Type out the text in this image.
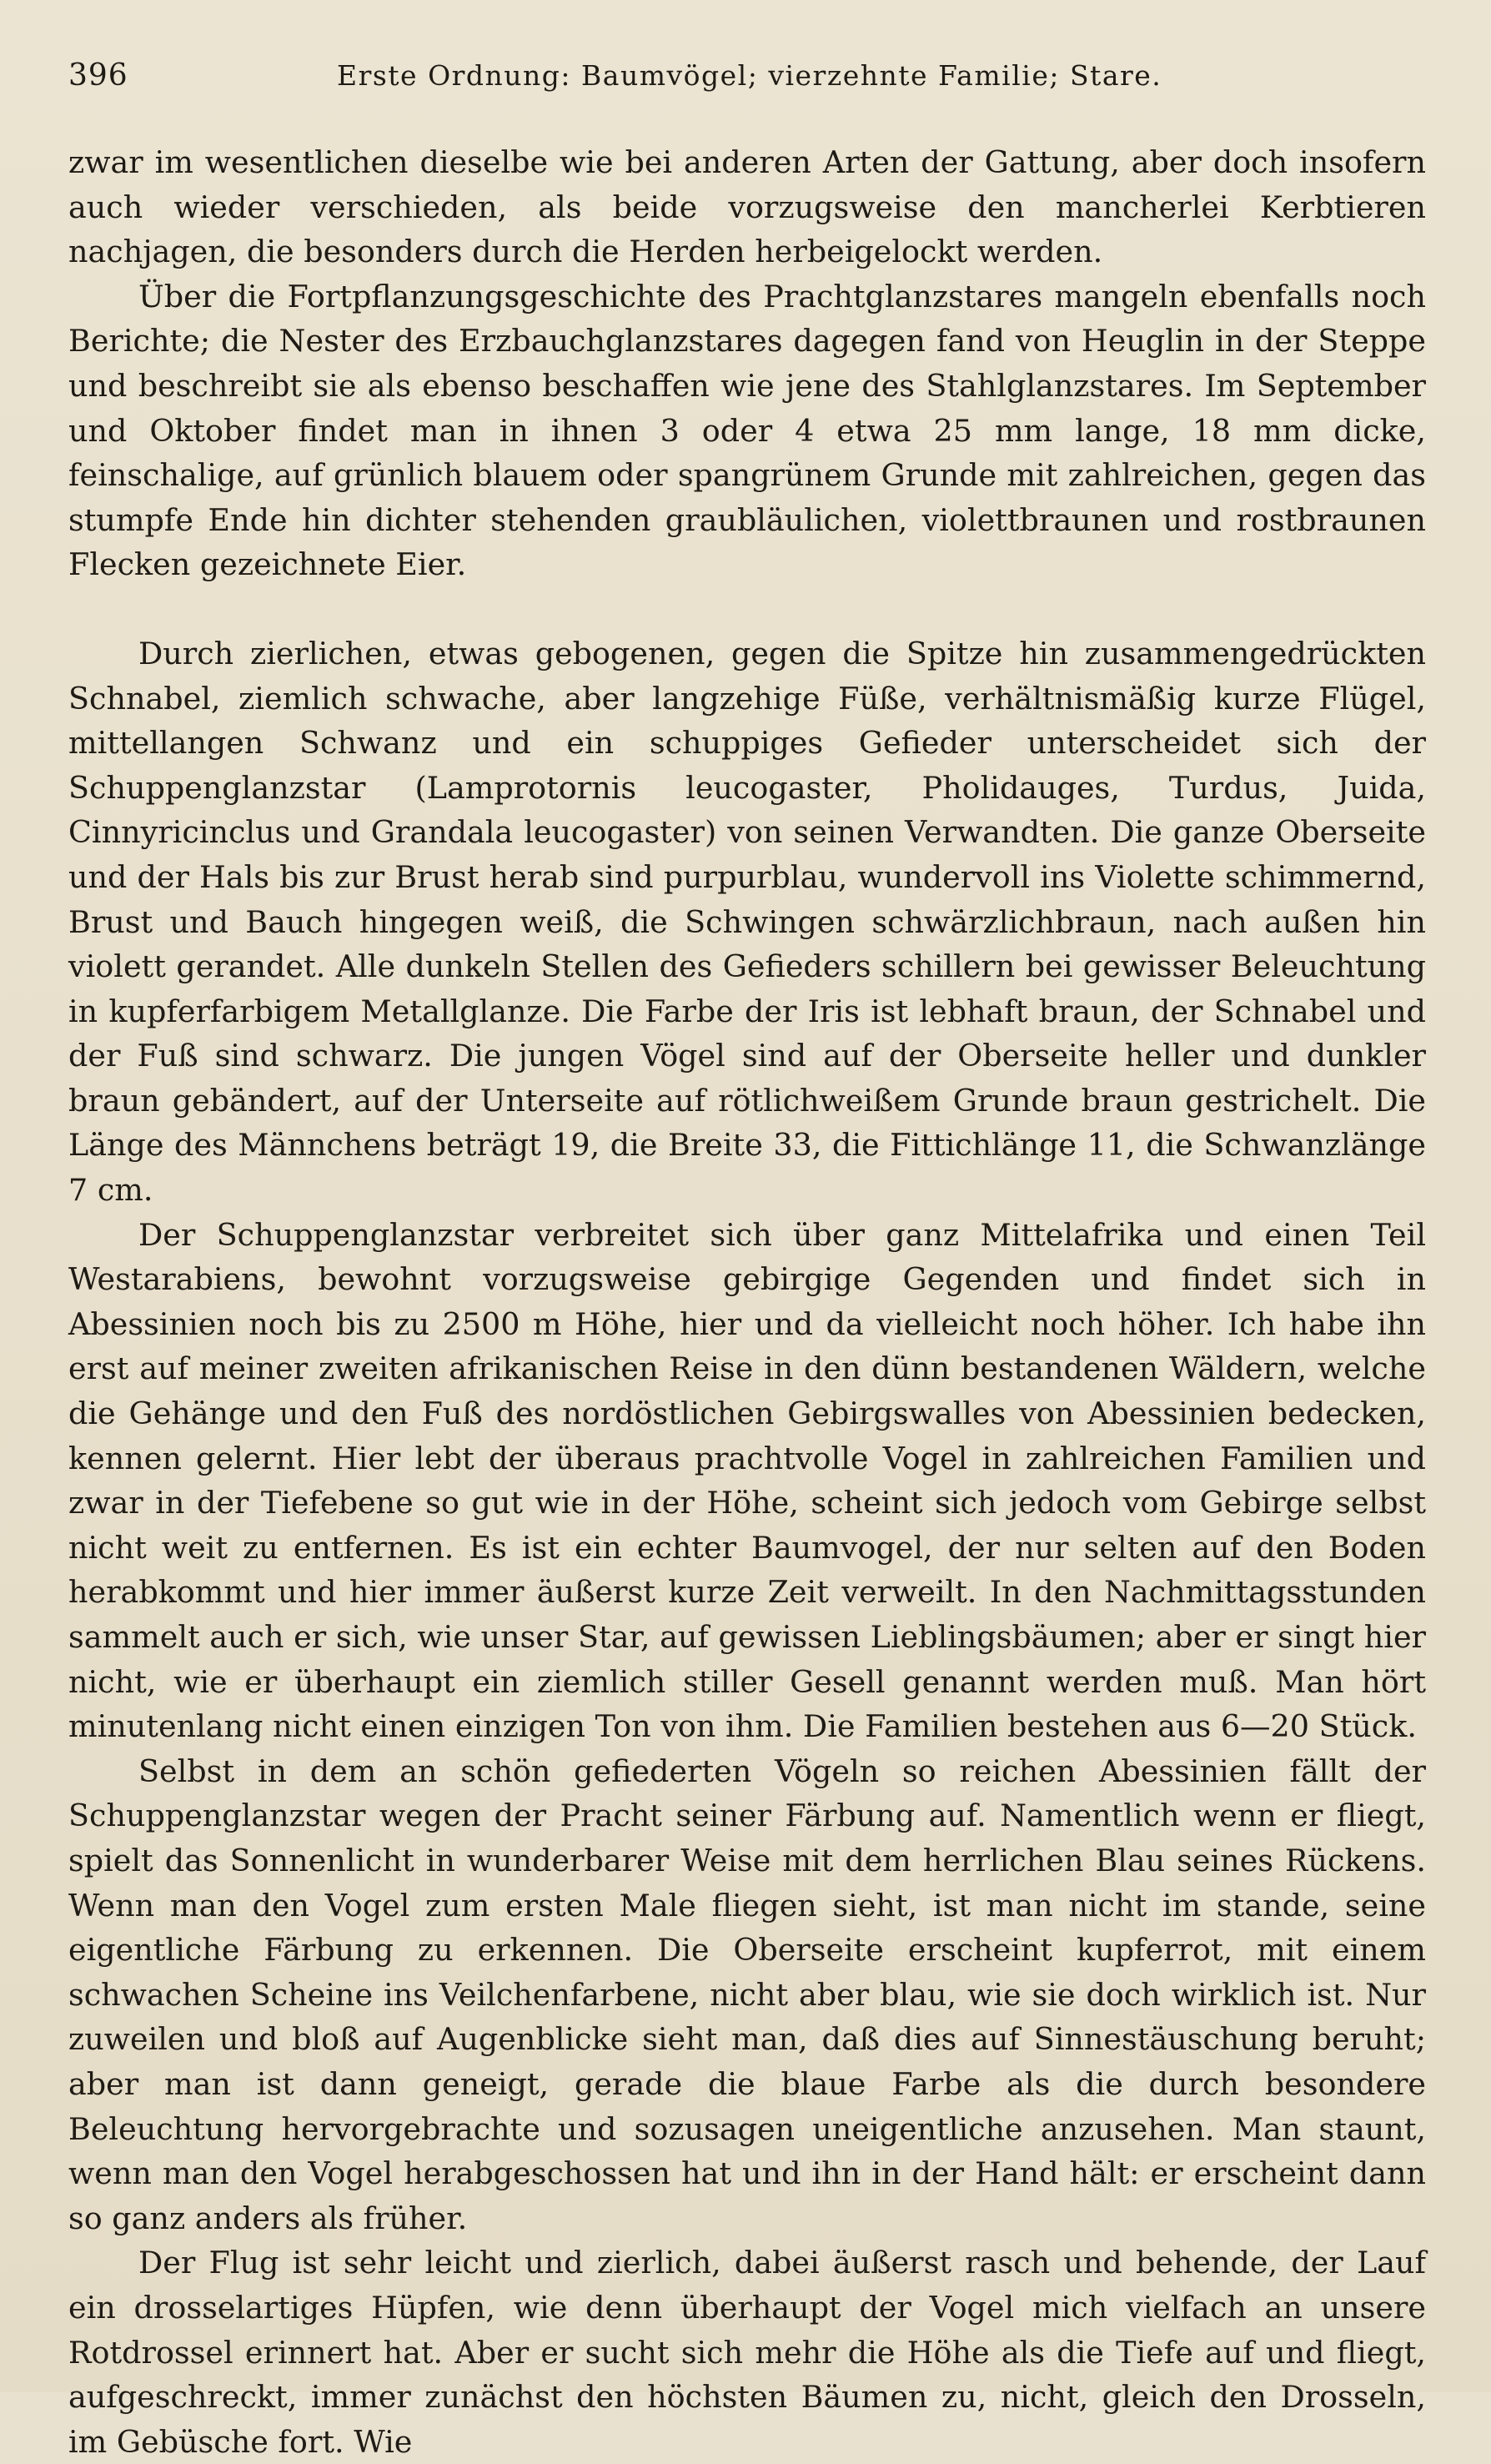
396	Erste Ordnung: Baumvögel; vierzehnte Familie; Stare.

zwar im wesentlichen dieselbe wie bei anderen Arten der Gattung, aber doch insofern auch wieder verschieden, als beide vorzugsweise den mancherlei Kerbtieren nachjagen, die besonders durch die Herden herbeigelockt werden.

Über die Fortpflanzungsgeschichte des Prachtglanzstares mangeln ebenfalls noch Berichte; die Nester des Erzbauchglanzstares dagegen fand von Heuglin in der Steppe und beschreibt sie als ebenso beschaffen wie jene des Stahlglanzstares. Im September und Oktober findet man in ihnen 3 oder 4 etwa 25 mm lange, 18 mm dicke, feinschalige, auf grünlich blauem oder spangrünem Grunde mit zahlreichen, gegen das stumpfe Ende hin dichter stehenden graubläulichen, violettbraunen und rostbraunen Flecken gezeichnete Eier.

Durch zierlichen, etwas gebogenen, gegen die Spitze hin zusammengedrückten Schnabel, ziemlich schwache, aber langzehige Füße, verhältnismäßig kurze Flügel, mittellangen Schwanz und ein schuppiges Gefieder unterscheidet sich der Schuppenglanzstar (Lamprotornis leucogaster, Pholidauges, Turdus, Juida, Cinnyricinclus und Grandala leucogaster) von seinen Verwandten. Die ganze Oberseite und der Hals bis zur Brust herab sind purpurblau, wundervoll ins Violette schimmernd, Brust und Bauch hingegen weiß, die Schwingen schwärzlichbraun, nach außen hin violett gerandet. Alle dunkeln Stellen des Gefieders schillern bei gewisser Beleuchtung in kupferfarbigem Metallglanze. Die Farbe der Iris ist lebhaft braun, der Schnabel und der Fuß sind schwarz. Die jungen Vögel sind auf der Oberseite heller und dunkler braun gebändert, auf der Unterseite auf rötlichweißem Grunde braun gestrichelt. Die Länge des Männchens beträgt 19, die Breite 33, die Fittichlänge 11, die Schwanzlänge 7 cm.

Der Schuppenglanzstar verbreitet sich über ganz Mittelafrika und einen Teil Westarabiens, bewohnt vorzugsweise gebirgige Gegenden und findet sich in Abessinien noch bis zu 2500 m Höhe, hier und da vielleicht noch höher. Ich habe ihn erst auf meiner zweiten afrikanischen Reise in den dünn bestandenen Wäldern, welche die Gehänge und den Fuß des nordöstlichen Gebirgswalles von Abessinien bedecken, kennen gelernt. Hier lebt der überaus prachtvolle Vogel in zahlreichen Familien und zwar in der Tiefebene so gut wie in der Höhe, scheint sich jedoch vom Gebirge selbst nicht weit zu entfernen. Es ist ein echter Baumvogel, der nur selten auf den Boden herabkommt und hier immer äußerst kurze Zeit verweilt. In den Nachmittagsstunden sammelt auch er sich, wie unser Star, auf gewissen Lieblingsbäumen; aber er singt hier nicht, wie er überhaupt ein ziemlich stiller Gesell genannt werden muß. Man hört minutenlang nicht einen einzigen Ton von ihm. Die Familien bestehen aus 6—20 Stück.

Selbst in dem an schön gefiederten Vögeln so reichen Abessinien fällt der Schuppenglanzstar wegen der Pracht seiner Färbung auf. Namentlich wenn er fliegt, spielt das Sonnenlicht in wunderbarer Weise mit dem herrlichen Blau seines Rückens. Wenn man den Vogel zum ersten Male fliegen sieht, ist man nicht im stande, seine eigentliche Färbung zu erkennen. Die Oberseite erscheint kupferrot, mit einem schwachen Scheine ins Veilchenfarbene, nicht aber blau, wie sie doch wirklich ist. Nur zuweilen und bloß auf Augenblicke sieht man, daß dies auf Sinnestäuschung beruht; aber man ist dann geneigt, gerade die blaue Farbe als die durch besondere Beleuchtung hervorgebrachte und sozusagen uneigentliche anzusehen. Man staunt, wenn man den Vogel herabgeschossen hat und ihn in der Hand hält: er erscheint dann so ganz anders als früher.

Der Flug ist sehr leicht und zierlich, dabei äußerst rasch und behende, der Lauf ein drosselartiges Hüpfen, wie denn überhaupt der Vogel mich vielfach an unsere Rotdrossel erinnert hat. Aber er sucht sich mehr die Höhe als die Tiefe auf und fliegt, aufgeschreckt, immer zunächst den höchsten Bäumen zu, nicht, gleich den Drosseln, im Gebüsche fort. Wie
